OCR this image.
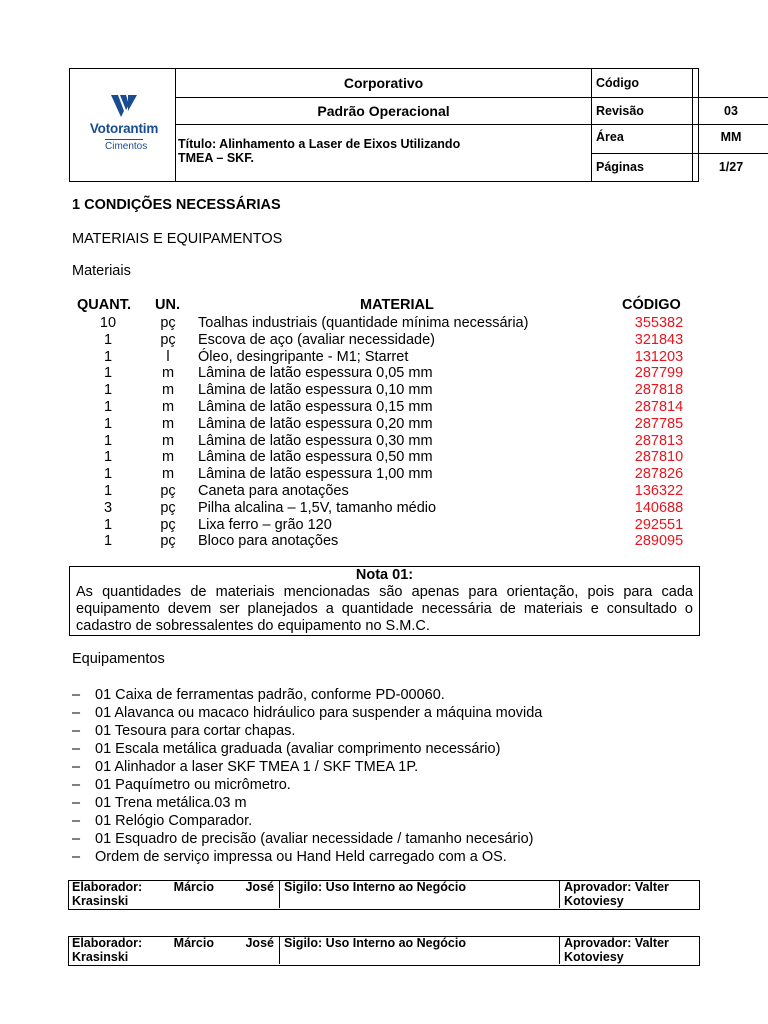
Votorantim
Cimentos
Corporativo
Padrão Operacional
Título: Alinhamento a Laser de Eixos Utilizando
TMEA – SKF.
Código
Revisão	03
Área	MM
Páginas	1/27
1 CONDIÇÕES NECESSÁRIAS
MATERIAIS E EQUIPAMENTOS
Materiais
QUANT. UN.	MATERIAL	CÓDIGO
10	pç	Toalhas industriais (quantidade mínima necessária)	355382
1	pç	Escova de aço (avaliar necessidade)	321843
1	l	Óleo, desingripante - M1; Starret	131203
1	m	Lâmina de latão espessura 0,05 mm	287799
1	m	Lâmina de latão espessura 0,10 mm	287818
1	m	Lâmina de latão espessura 0,15 mm	287814
1	m	Lâmina de latão espessura 0,20 mm	287785
1	m	Lâmina de latão espessura 0,30 mm	287813
1	m	Lâmina de latão espessura 0,50 mm	287810
1	m	Lâmina de latão espessura 1,00 mm	287826
1	pç	Caneta para anotações	136322
3	pç	Pilha alcalina – 1,5V, tamanho médio	140688
1	pç	Lixa ferro – grão 120	292551
1	pç	Bloco para anotações	289095
Nota 01:
As quantidades de materiais mencionadas são apenas para orientação, pois para cada equipamento devem ser planejados a quantidade necessária de materiais e consultado o cadastro de sobressalentes do equipamento no S.M.C.
Equipamentos
– 01 Caixa de ferramentas padrão, conforme PD-00060.
– 01 Alavanca ou macaco hidráulico para suspender a máquina movida
– 01 Tesoura para cortar chapas.
– 01 Escala metálica graduada (avaliar comprimento necessário)
– 01 Alinhador a laser SKF TMEA 1 / SKF TMEA 1P.
– 01 Paquímetro ou micrômetro.
– 01 Trena metálica.03 m
– 01 Relógio Comparador.
– 01 Esquadro de precisão (avaliar necessidade / tamanho necesário)
– Ordem de serviço impressa ou Hand Held carregado com a OS.
Elaborador:	Márcio	José
Krasinski
Sigilo: Uso Interno ao Negócio	Aprovador: Valter Kotoviesy
Elaborador:	Márcio	José
Krasinski
Sigilo: Uso Interno ao Negócio	Aprovador: Valter Kotoviesy
